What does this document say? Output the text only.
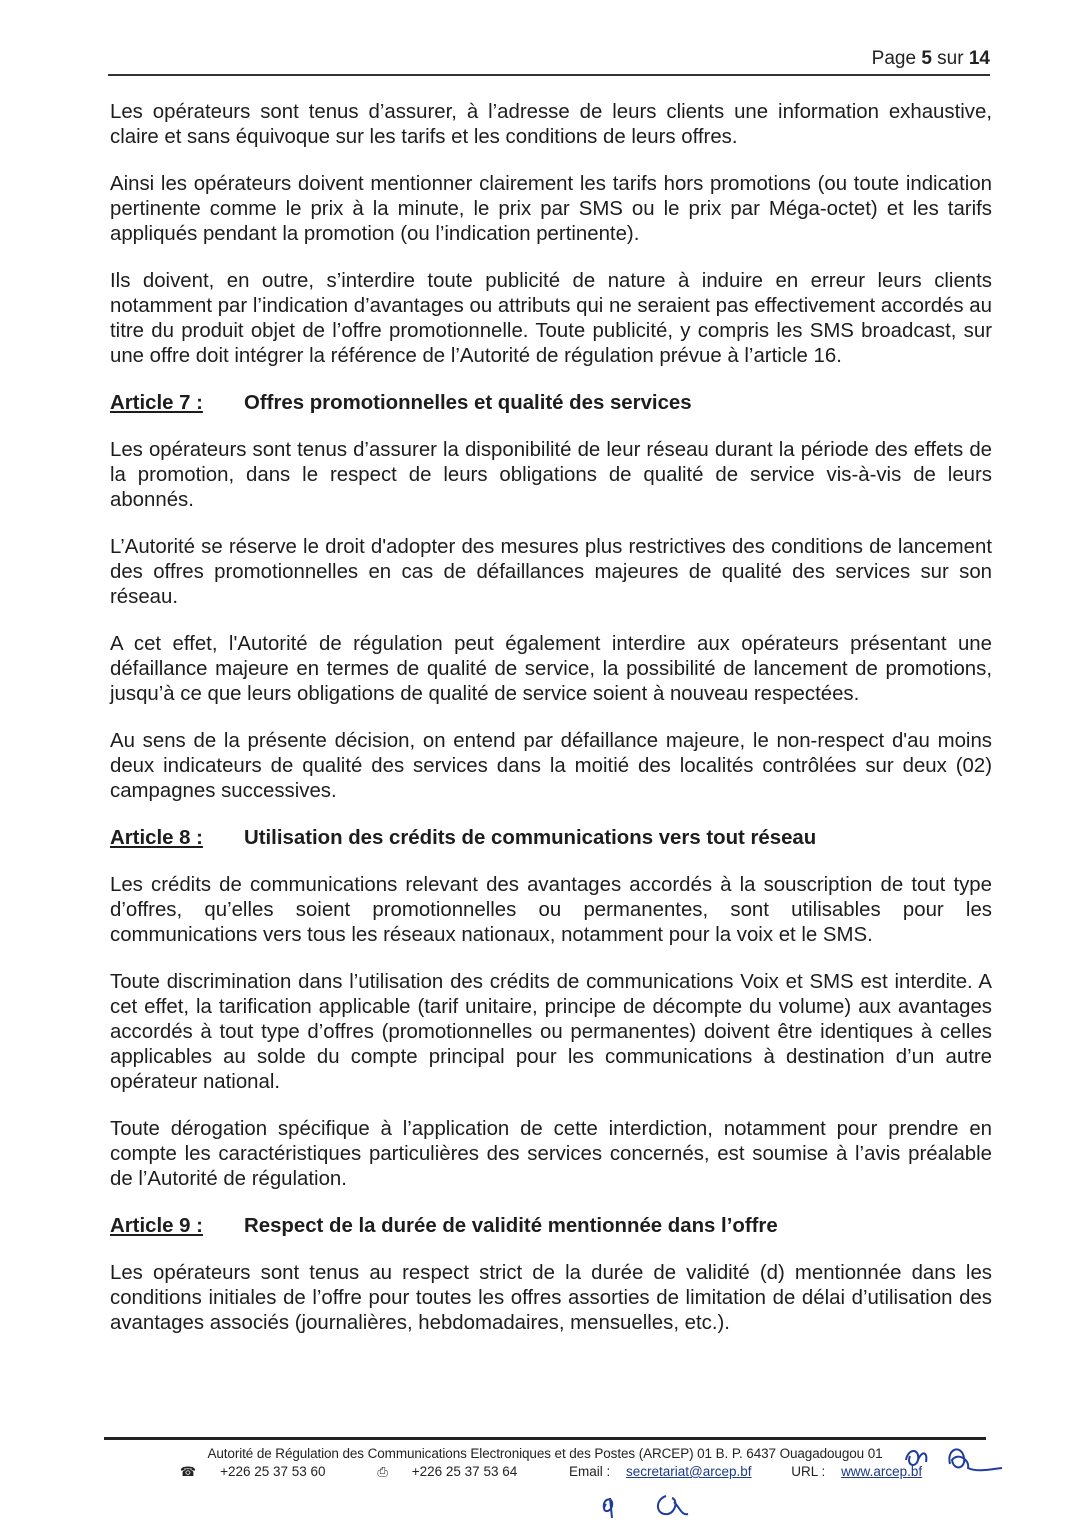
Page 5 sur 14

Les opérateurs sont tenus d’assurer, à l’adresse de leurs clients une information exhaustive, claire et sans équivoque sur les tarifs et les conditions de leurs offres.

Ainsi les opérateurs doivent mentionner clairement les tarifs hors promotions (ou toute indication pertinente comme le prix à la minute, le prix par SMS ou le prix par Méga-octet) et les tarifs appliqués pendant la promotion (ou l’indication pertinente).

Ils doivent, en outre, s’interdire toute publicité de nature à induire en erreur leurs clients notamment par l’indication d’avantages ou attributs qui ne seraient pas effectivement accordés au titre du produit objet de l’offre promotionnelle. Toute publicité, y compris les SMS broadcast, sur une offre doit intégrer la référence de l’Autorité de régulation prévue à l’article 16.

Article 7 :	Offres promotionnelles et qualité des services

Les opérateurs sont tenus d’assurer la disponibilité de leur réseau durant la période des effets de la promotion, dans le respect de leurs obligations de qualité de service vis-à-vis de leurs abonnés.

L’Autorité se réserve le droit d'adopter des mesures plus restrictives des conditions de lancement des offres promotionnelles en cas de défaillances majeures de qualité des services sur son réseau.

A cet effet, l'Autorité de régulation peut également interdire aux opérateurs présentant une défaillance majeure en termes de qualité de service, la possibilité de lancement de promotions, jusqu’à ce que leurs obligations de qualité de service soient à nouveau respectées.

Au sens de la présente décision, on entend par défaillance majeure, le non-respect d'au moins deux indicateurs de qualité des services dans la moitié des localités contrôlées sur deux (02) campagnes successives.

Article 8 :	Utilisation des crédits de communications vers tout réseau

Les crédits de communications relevant des avantages accordés à la souscription de tout type d’offres, qu’elles soient promotionnelles ou permanentes, sont utilisables pour les communications vers tous les réseaux nationaux, notamment pour la voix et le SMS.

Toute discrimination dans l’utilisation des crédits de communications Voix et SMS est interdite. A cet effet, la tarification applicable (tarif unitaire, principe de décompte du volume) aux avantages accordés à tout type d’offres (promotionnelles ou permanentes) doivent être identiques à celles applicables au solde du compte principal pour les communications à destination d’un autre opérateur national.

Toute dérogation spécifique à l’application de cette interdiction, notamment pour prendre en compte les caractéristiques particulières des services concernés, est soumise à l’avis préalable de l’Autorité de régulation.

Article 9 :	Respect de la durée de validité mentionnée dans l’offre

Les opérateurs sont tenus au respect strict de la durée de validité (d) mentionnée dans les conditions initiales de l’offre pour toutes les offres assorties de limitation de délai d’utilisation des avantages associés (journalières, hebdomadaires, mensuelles, etc.).

Autorité de Régulation des Communications Electroniques et des Postes (ARCEP) 01 B. P. 6437 Ouagadougou 01
☎ +226 25 37 53 60	⎙ +226 25 37 53 64	Email : secretariat@arcep.bf	URL : www.arcep.bf
